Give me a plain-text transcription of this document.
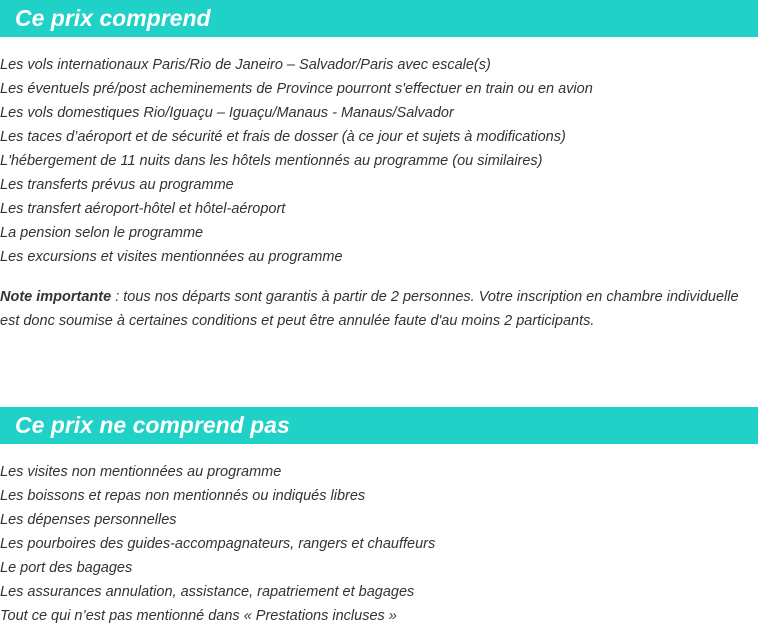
Ce prix comprend
Les vols internationaux Paris/Rio de Janeiro – Salvador/Paris avec escale(s)
Les éventuels pré/post acheminements de Province pourront s'effectuer en train ou en avion
Les vols domestiques Rio/Iguaçu – Iguaçu/Manaus - Manaus/Salvador
Les taces d’aéroport et de sécurité et frais de dosser (à ce jour et sujets à modifications)
L'hébergement de 11 nuits dans les hôtels mentionnés au programme (ou similaires)
Les transferts prévus au programme
Les transfert aéroport-hôtel et hôtel-aéroport
La pension selon le programme
Les excursions et visites mentionnées au programme

Note importante : tous nos départs sont garantis à partir de 2 personnes. Votre inscription en chambre individuelle est donc soumise à certaines conditions et peut être annulée faute d'au moins 2 participants.

Ce prix ne comprend pas
Les visites non mentionnées au programme
Les boissons et repas non mentionnés ou indiqués libres
Les dépenses personnelles
Les pourboires des guides-accompagnateurs, rangers et chauffeurs
Le port des bagages
Les assurances annulation, assistance, rapatriement et bagages
Tout ce qui n’est pas mentionné dans « Prestations incluses »
